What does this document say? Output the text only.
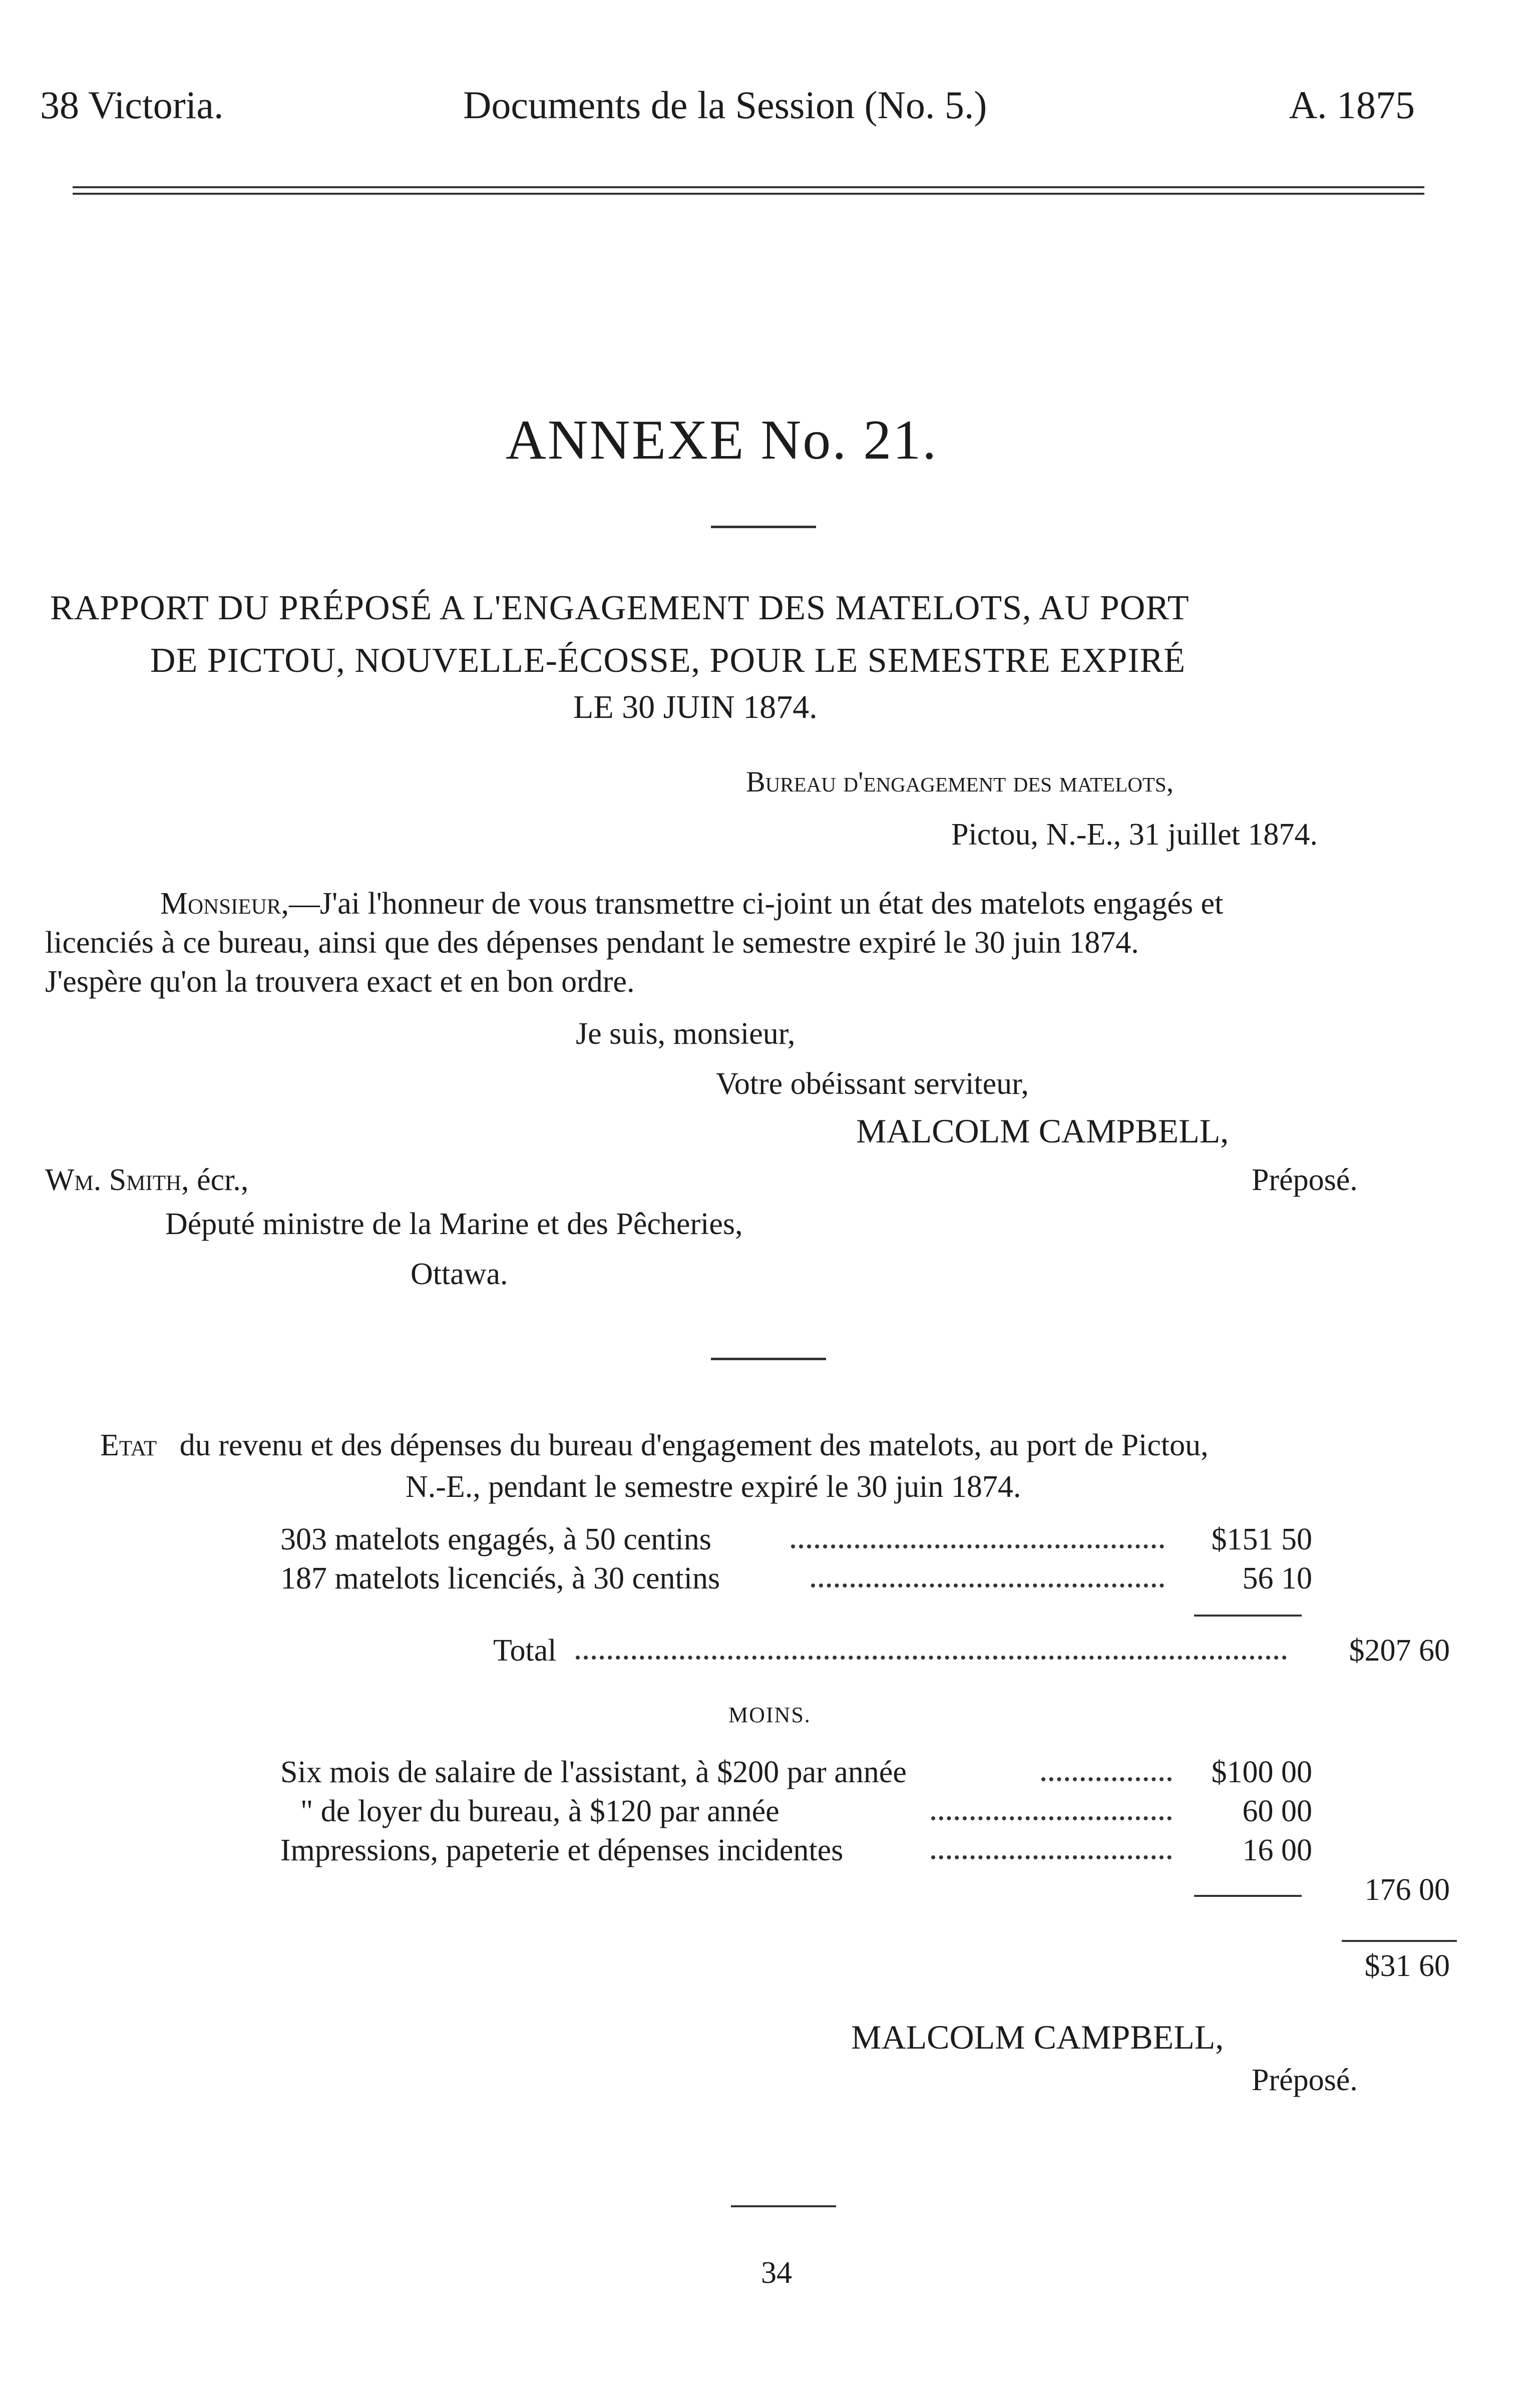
38 Victoria.	Documents de la Session (No. 5.)	A. 1875
ANNEXE No. 21.
RAPPORT DU PRÉPOSÉ A L'ENGAGEMENT DES MATELOTS, AU PORT
DE PICTOU, NOUVELLE-ÉCOSSE, POUR LE SEMESTRE EXPIRÉ
LE 30 JUIN 1874.
Bureau d'engagement des matelots,
Pictou, N.-E., 31 juillet 1874.
Monsieur,—J'ai l'honneur de vous transmettre ci-joint un état des matelots engagés et
licenciés à ce bureau, ainsi que des dépenses pendant le semestre expiré le 30 juin 1874.
J'espère qu'on la trouvera exact et en bon ordre.
Je suis, monsieur,
Votre obéissant serviteur,
MALCOLM CAMPBELL,
Préposé.
Wm. Smith, écr.,
Député ministre de la Marine et des Pêcheries,
Ottawa.
Etat du revenu et des dépenses du bureau d'engagement des matelots, au port de Pictou,
N.-E., pendant le semestre expiré le 30 juin 1874.
303 matelots engagés, à 50 centins	$151 50
187 matelots licenciés, à 30 centins	56 10
Total	$207 60
MOINS.
Six mois de salaire de l'assistant, à $200 par année	$100 00
" de loyer du bureau, à $120 par année	60 00
Impressions, papeterie et dépenses incidentes	16 00
176 00
$31 60
MALCOLM CAMPBELL,
Préposé.
34
